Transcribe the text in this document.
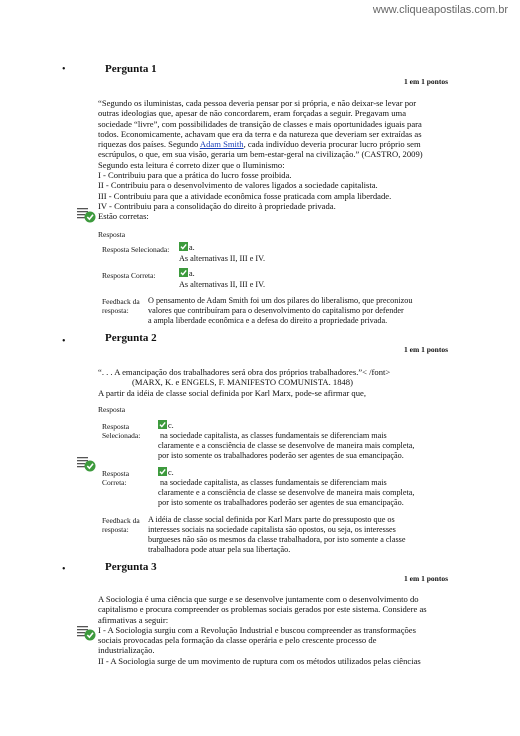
www.cliqueapostilas.com.br
•	Pergunta 1
1 em 1 pontos

“Segundo os iluministas, cada pessoa deveria pensar por si própria, e não deixar-se levar por

outras ideologias que, apesar de não concordarem, eram forçadas a seguir. Pregavam uma

sociedade “livre”, com possibilidades de transição de classes e mais oportunidades iguais para

todos. Economicamente, achavam que era da terra e da natureza que deveriam ser extraídas as

riquezas dos países. Segundo Adam Smith, cada indivíduo deveria procurar lucro próprio sem

escrúpulos, o que, em sua visão, geraria um bem-estar-geral na civilização.” (CASTRO, 2009)

Segundo esta leitura é correto dizer que o Iluminismo:

I - Contribuiu para que a prática do lucro fosse proibida.

II - Contribuiu para o desenvolvimento de valores ligados a sociedade capitalista.

III - Contribuiu para que a atividade econômica fosse praticada com ampla liberdade.

IV - Contribuiu para a consolidação do direito à propriedade privada.

Estão corretas:

Resposta
Resposta Selecionada:	a.
As alternativas II, III e IV.
Resposta Correta:	a.
As alternativas II, III e IV.
Feedback da
resposta:
O pensamento de Adam Smith foi um dos pilares do liberalismo, que preconizou
valores que contribuíram para o desenvolvimento do capitalismo por defender
a ampla liberdade econômica e a defesa do direito a propriedade privada.
•	Pergunta 2
1 em 1 pontos

“. . . A emancipação dos trabalhadores será obra dos próprios trabalhadores.”< /font>

(MARX, K. e ENGELS, F. MANIFESTO COMUNISTA. 1848)

A partir da idéia de classe social definida por Karl Marx, pode-se afirmar que,

Resposta
Resposta
Selecionada:
c.
na sociedade capitalista, as classes fundamentais se diferenciam mais
claramente e a consciência de classe se desenvolve de maneira mais completa,
por isto somente os trabalhadores poderão ser agentes de sua emancipação.
Resposta
Correta:
c.
na sociedade capitalista, as classes fundamentais se diferenciam mais
claramente e a consciência de classe se desenvolve de maneira mais completa,
por isto somente os trabalhadores poderão ser agentes de sua emancipação.
Feedback da
resposta:
A idéia de classe social definida por Karl Marx parte do pressuposto que os
interesses sociais na sociedade capitalista são opostos, ou seja, os interesses
burgueses não são os mesmos da classe trabalhadora, por isto somente a classe
trabalhadora pode atuar pela sua libertação.
•	Pergunta 3
1 em 1 pontos

A Sociologia é uma ciência que surge e se desenvolve juntamente com o desenvolvimento do

capitalismo e procura compreender os problemas sociais gerados por este sistema. Considere as

afirmativas a seguir:

I - A Sociologia surgiu com a Revolução Industrial e buscou compreender as transformações

sociais provocadas pela formação da classe operária e pelo crescente processo de

industrialização.

II - A Sociologia surge de um movimento de ruptura com os métodos utilizados pelas ciências
